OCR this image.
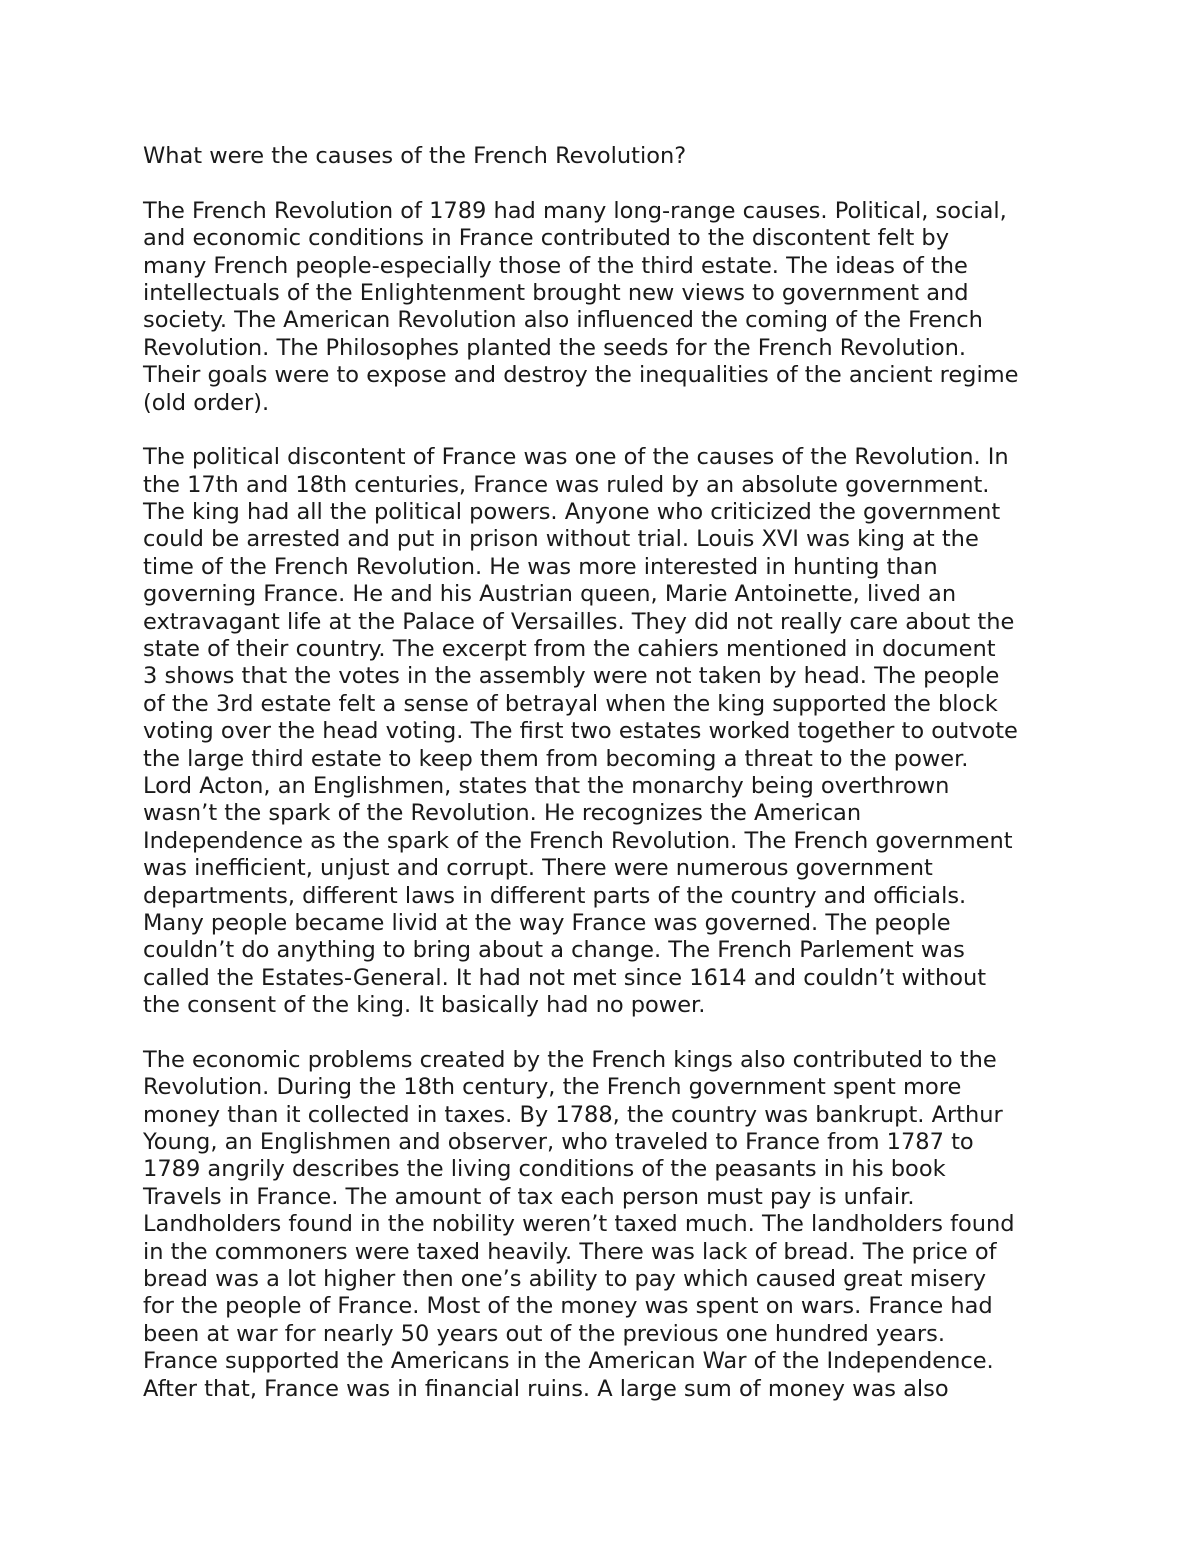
What were the causes of the French Revolution?
The French Revolution of 1789 had many long-range causes. Political, social,
and economic conditions in France contributed to the discontent felt by
many French people-especially those of the third estate. The ideas of the
intellectuals of the Enlightenment brought new views to government and
society. The American Revolution also influenced the coming of the French
Revolution. The Philosophes planted the seeds for the French Revolution.
Their goals were to expose and destroy the inequalities of the ancient regime
(old order).
The political discontent of France was one of the causes of the Revolution. In
the 17th and 18th centuries, France was ruled by an absolute government.
The king had all the political powers. Anyone who criticized the government
could be arrested and put in prison without trial. Louis XVI was king at the
time of the French Revolution. He was more interested in hunting than
governing France. He and his Austrian queen, Marie Antoinette, lived an
extravagant life at the Palace of Versailles. They did not really care about the
state of their country. The excerpt from the cahiers mentioned in document
3 shows that the votes in the assembly were not taken by head. The people
of the 3rd estate felt a sense of betrayal when the king supported the block
voting over the head voting. The first two estates worked together to outvote
the large third estate to keep them from becoming a threat to the power.
Lord Acton, an Englishmen, states that the monarchy being overthrown
wasn’t the spark of the Revolution. He recognizes the American
Independence as the spark of the French Revolution. The French government
was inefficient, unjust and corrupt. There were numerous government
departments, different laws in different parts of the country and officials.
Many people became livid at the way France was governed. The people
couldn’t do anything to bring about a change. The French Parlement was
called the Estates-General. It had not met since 1614 and couldn’t without
the consent of the king. It basically had no power.
The economic problems created by the French kings also contributed to the
Revolution. During the 18th century, the French government spent more
money than it collected in taxes. By 1788, the country was bankrupt. Arthur
Young, an Englishmen and observer, who traveled to France from 1787 to
1789 angrily describes the living conditions of the peasants in his book
Travels in France. The amount of tax each person must pay is unfair.
Landholders found in the nobility weren’t taxed much. The landholders found
in the commoners were taxed heavily. There was lack of bread. The price of
bread was a lot higher then one’s ability to pay which caused great misery
for the people of France. Most of the money was spent on wars. France had
been at war for nearly 50 years out of the previous one hundred years.
France supported the Americans in the American War of the Independence.
After that, France was in financial ruins. A large sum of money was also
